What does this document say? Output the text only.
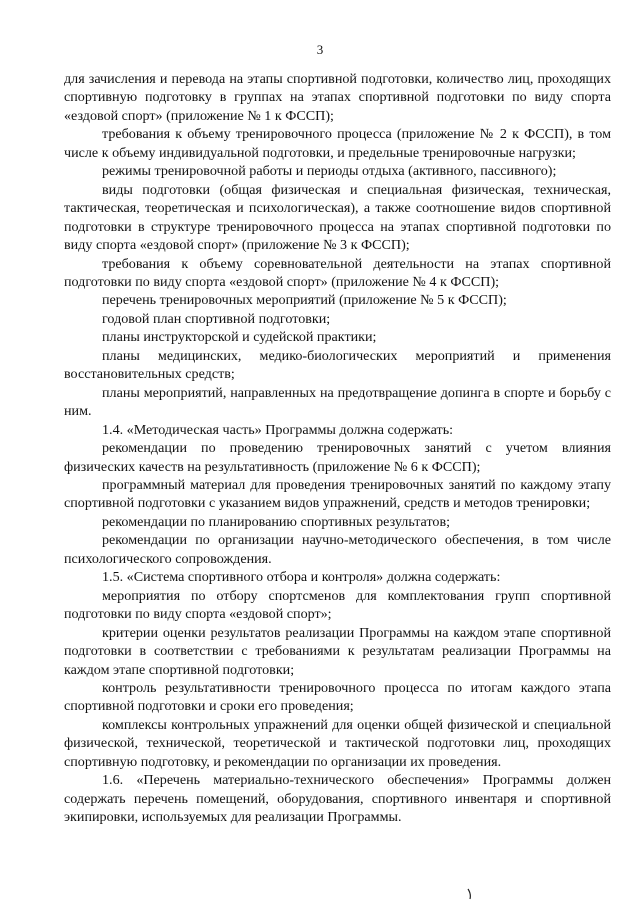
3

для зачисления и перевода на этапы спортивной подготовки, количество лиц, проходящих спортивную подготовку в группах на этапах спортивной подготовки по виду спорта «ездовой спорт» (приложение № 1 к ФССП);

требования к объему тренировочного процесса (приложение № 2 к ФССП), в том числе к объему индивидуальной подготовки, и предельные тренировочные нагрузки;

режимы тренировочной работы и периоды отдыха (активного, пассивного);

виды подготовки (общая физическая и специальная физическая, техническая, тактическая, теоретическая и психологическая), а также соотношение видов спортивной подготовки в структуре тренировочного процесса на этапах спортивной подготовки по виду спорта «ездовой спорт» (приложение № 3 к ФССП);

требования к объему соревновательной деятельности на этапах спортивной подготовки по виду спорта «ездовой спорт» (приложение № 4 к ФССП);

перечень тренировочных мероприятий (приложение № 5 к ФССП);

годовой план спортивной подготовки;

планы инструкторской и судейской практики;

планы медицинских, медико-биологических мероприятий и применения восстановительных средств;

планы мероприятий, направленных на предотвращение допинга в спорте и борьбу с ним.

1.4. «Методическая часть» Программы должна содержать:

рекомендации по проведению тренировочных занятий с учетом влияния физических качеств на результативность (приложение № 6 к ФССП);

программный материал для проведения тренировочных занятий по каждому этапу спортивной подготовки с указанием видов упражнений, средств и методов тренировки;

рекомендации по планированию спортивных результатов;

рекомендации по организации научно-методического обеспечения, в том числе психологического сопровождения.

1.5. «Система спортивного отбора и контроля» должна содержать:

мероприятия по отбору спортсменов для комплектования групп спортивной подготовки по виду спорта «ездовой спорт»;

критерии оценки результатов реализации Программы на каждом этапе спортивной подготовки в соответствии с требованиями к результатам реализации Программы на каждом этапе спортивной подготовки;

контроль результативности тренировочного процесса по итогам каждого этапа спортивной подготовки и сроки его проведения;

комплексы контрольных упражнений для оценки общей физической и специальной физической, технической, теоретической и тактической подготовки лиц, проходящих спортивную подготовку, и рекомендации по организации их проведения.

1.6. «Перечень материально-технического обеспечения» Программы должен содержать перечень помещений, оборудования, спортивного инвентаря и спортивной экипировки, используемых для реализации Программы.
